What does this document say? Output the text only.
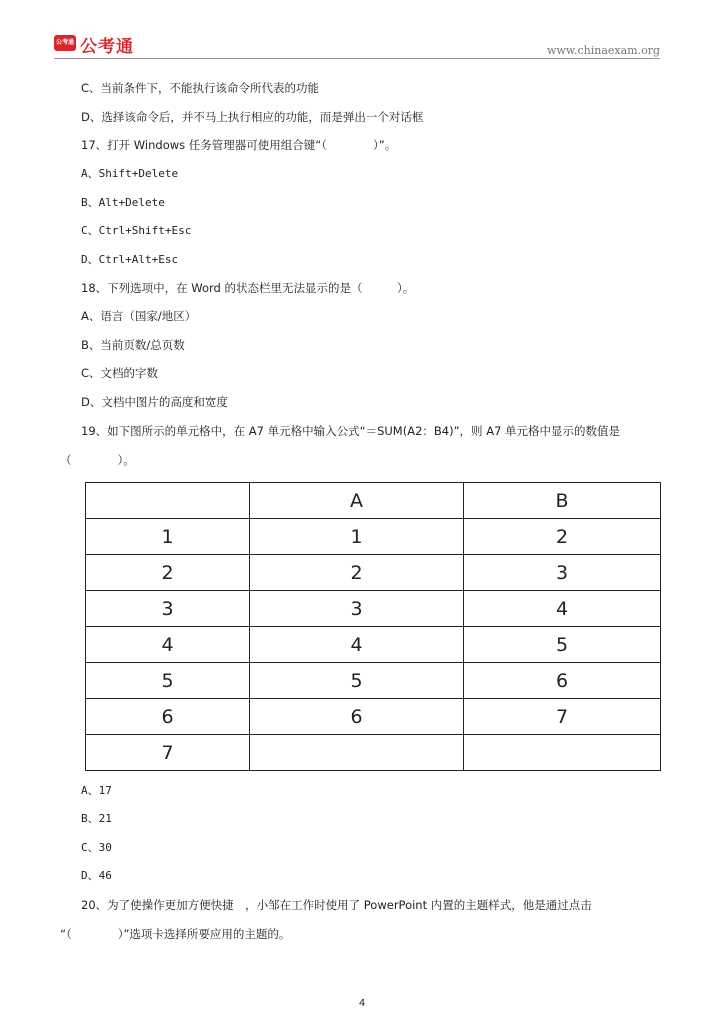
公考通 公考通	www.chinaexam.org
C、当前条件下，不能执行该命令所代表的功能
D、选择该命令后，并不马上执行相应的功能，而是弹出一个对话框
17、打开 Windows 任务管理器可使用组合键“（　　　　）”。
A、Shift+Delete
B、Alt+Delete
C、Ctrl+Shift+Esc
D、Ctrl+Alt+Esc
18、下列选项中，在 Word 的状态栏里无法显示的是（　　　）。
A、语言（国家/地区）
B、当前页数/总页数
C、文档的字数
D、文档中图片的高度和宽度
19、如下图所示的单元格中，在 A7 单元格中输入公式“＝SUM(A2：B4)”，则 A7 单元格中显示的数值是
（　　　　）。
	A	B
1	1	2
2	2	3
3	3	4
4	4	5
5	5	6
6	6	7
7		
A、17
B、21
C、30
D、46
20、为了使操作更加方便快捷　，小邹在工作时使用了 PowerPoint 内置的主题样式，他是通过点击
“（　　　　）”选项卡选择所要应用的主题的。
4
